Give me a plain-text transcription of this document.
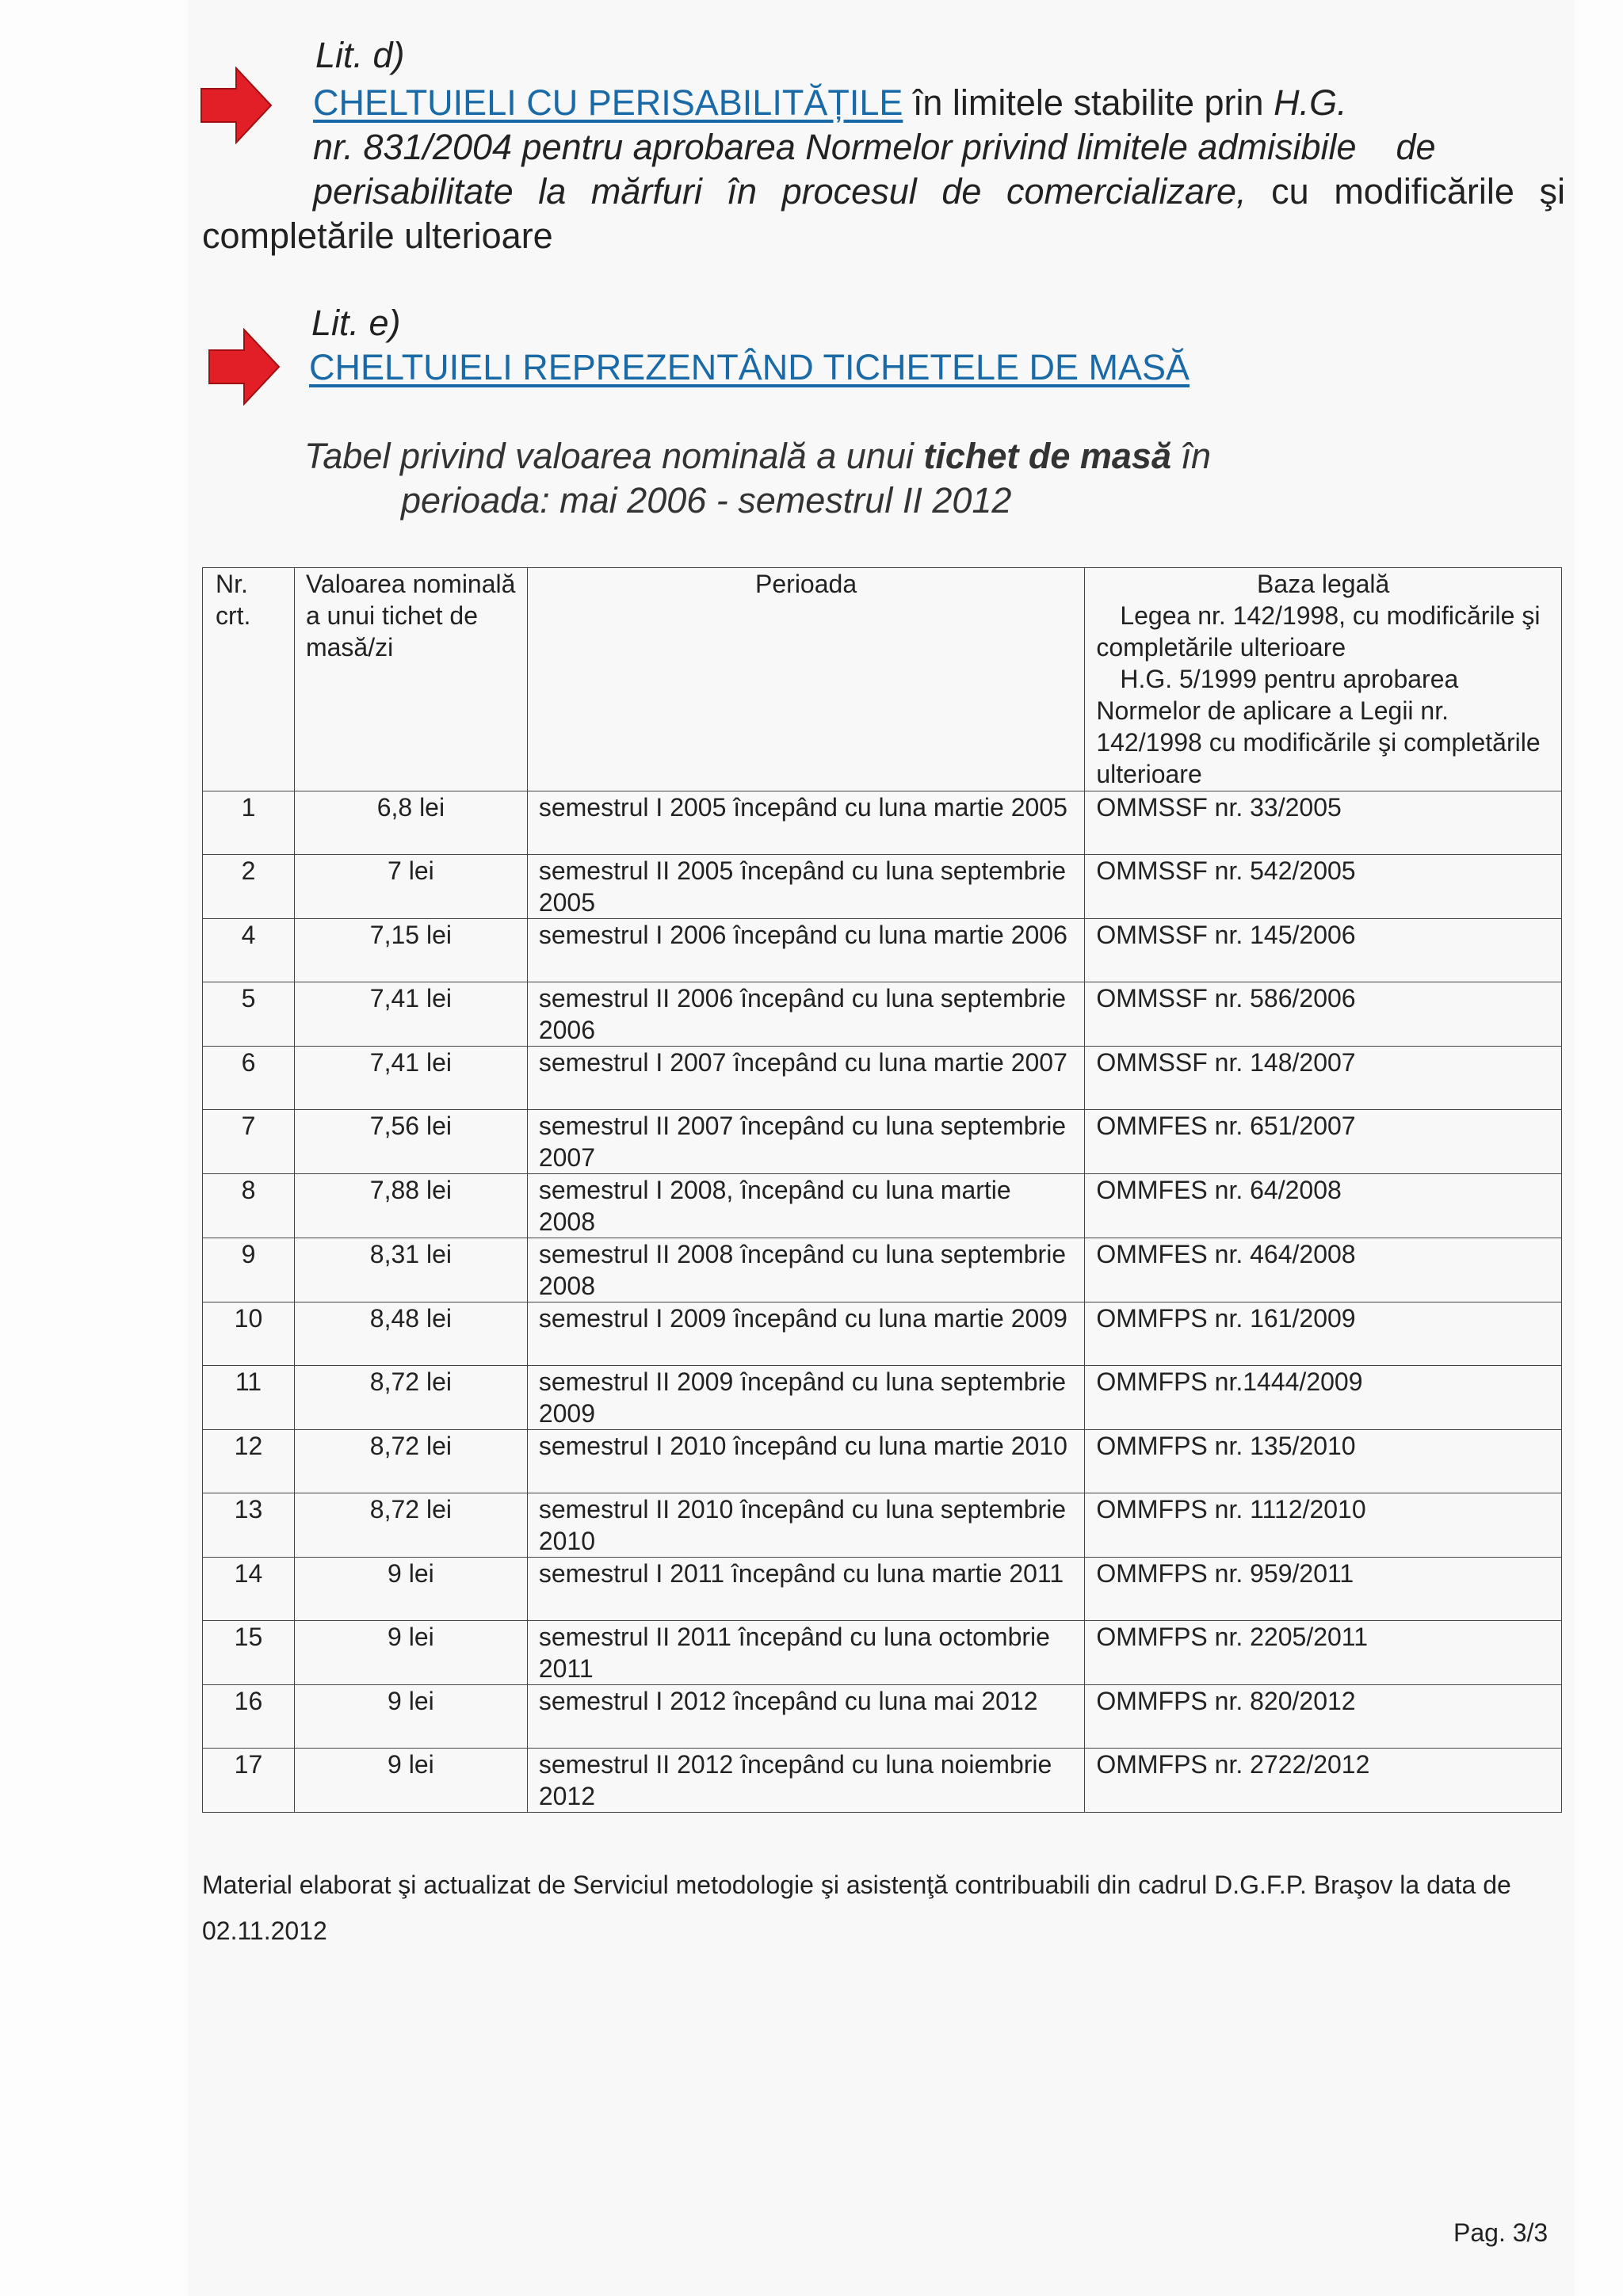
Lit. d)
CHELTUIELI CU PERISABILITĂȚILE în limitele stabilite prin H.G.
nr. 831/2004 pentru aprobarea Normelor privind limitele admisibile    de
perisabilitate la mărfuri în procesul de comercializare, cu modificările şi
completările ulterioare
Lit. e)
CHELTUIELI REPREZENTÂND TICHETELE DE MASĂ
Tabel privind valoarea nominală a unui tichet de masă în
perioada: mai 2006 - semestrul II 2012
Nr. crt.	Valoarea nominală a unui tichet de masă/zi	Perioada	Baza legală
Legea nr. 142/1998, cu modificările şi completările ulterioare
H.G. 5/1999 pentru aprobarea Normelor de aplicare a Legii nr. 142/1998 cu modificările şi completările ulterioare

1	6,8 lei	semestrul I 2005 începând cu luna martie 2005	OMMSSF nr. 33/2005
2	7 lei	semestrul II 2005 începând cu luna septembrie 2005	OMMSSF nr. 542/2005
4	7,15 lei	semestrul I 2006 începând cu luna martie 2006	OMMSSF nr. 145/2006
5	7,41 lei	semestrul II 2006 începând cu luna septembrie 2006	OMMSSF nr. 586/2006
6	7,41 lei	semestrul I 2007 începând cu luna martie 2007	OMMSSF nr. 148/2007
7	7,56 lei	semestrul II 2007 începând cu luna septembrie 2007	OMMFES nr. 651/2007
8	7,88 lei	semestrul I 2008, începând cu luna martie 2008	OMMFES nr. 64/2008
9	8,31 lei	semestrul II 2008 începând cu luna septembrie 2008	OMMFES nr. 464/2008
10	8,48 lei	semestrul I 2009 începând cu luna martie 2009	OMMFPS nr. 161/2009
11	8,72 lei	semestrul II 2009 începând cu luna septembrie 2009	OMMFPS nr.1444/2009
12	8,72 lei	semestrul I 2010 începând cu luna martie 2010	OMMFPS nr. 135/2010
13	8,72 lei	semestrul II 2010 începând cu luna septembrie 2010	OMMFPS nr. 1112/2010
14	9 lei	semestrul I 2011 începând cu luna martie 2011	OMMFPS nr. 959/2011
15	9 lei	semestrul II 2011 începând cu luna octombrie 2011	OMMFPS nr. 2205/2011
16	9 lei	semestrul I 2012 începând cu luna mai 2012	OMMFPS nr. 820/2012
17	9 lei	semestrul II 2012 începând cu luna noiembrie 2012	OMMFPS nr. 2722/2012
Material elaborat şi actualizat de Serviciul metodologie şi asistenţă contribuabili din cadrul D.G.F.P. Braşov la data de 02.11.2012
Pag. 3/3
